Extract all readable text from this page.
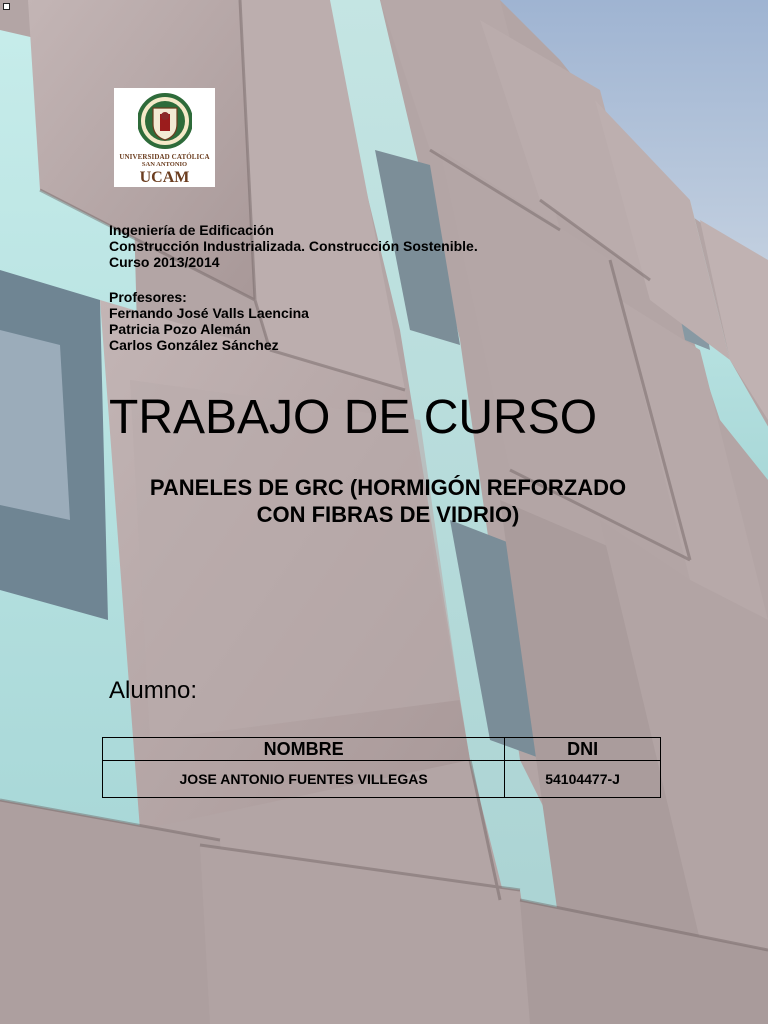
UNIVERSIDAD CATÓLICA
SAN ANTONIO
UCAM
Ingeniería de Edificación
Construcción Industrializada. Construcción Sostenible.
Curso 2013/2014
Profesores:
Fernando José Valls Laencina
Patricia Pozo Alemán
Carlos González Sánchez
TRABAJO DE CURSO
PANELES DE GRC (HORMIGÓN REFORZADO
CON FIBRAS DE VIDRIO)
Alumno:
NOMBRE	DNI
JOSE ANTONIO FUENTES VILLEGAS	54104477-J
